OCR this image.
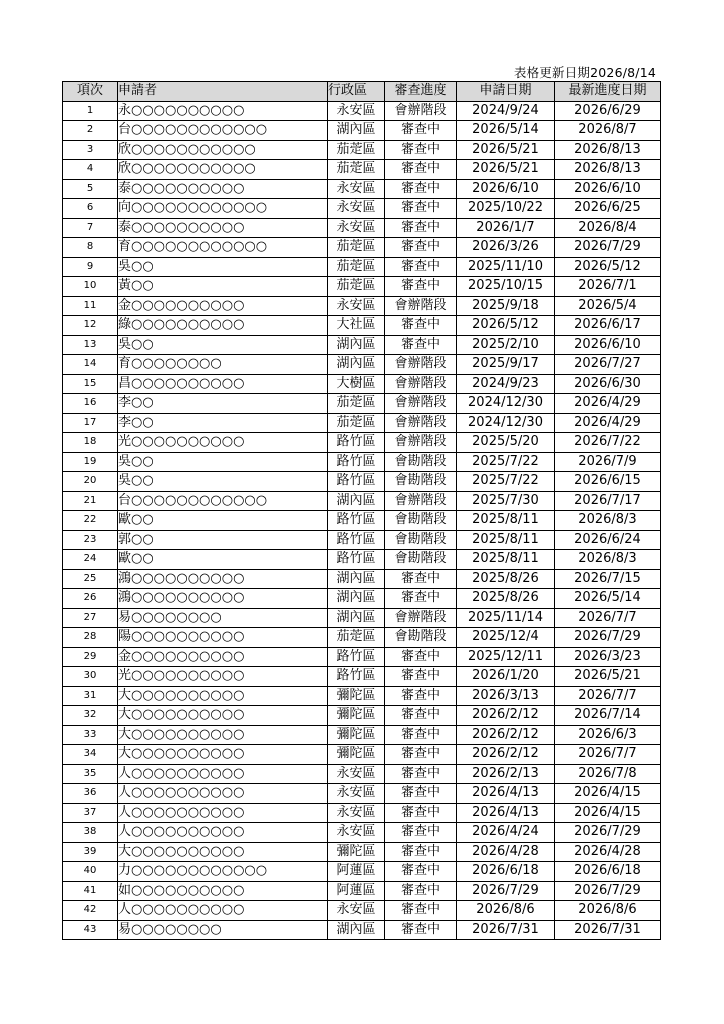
表格更新日期2026/8/14
項次	申請者	行政區	審查進度	申請日期	最新進度日期
1	永○○○○○○○○○○	永安區	會辦階段	2024/9/24	2026/6/29
2	台○○○○○○○○○○○○	湖內區	審查中	2026/5/14	2026/8/7
3	欣○○○○○○○○○○○	茄萣區	審查中	2026/5/21	2026/8/13
4	欣○○○○○○○○○○○	茄萣區	審查中	2026/5/21	2026/8/13
5	泰○○○○○○○○○○	永安區	審查中	2026/6/10	2026/6/10
6	向○○○○○○○○○○○○	永安區	審查中	2025/10/22	2026/6/25
7	泰○○○○○○○○○○	永安區	審查中	2026/1/7	2026/8/4
8	育○○○○○○○○○○○○	茄萣區	審查中	2026/3/26	2026/7/29
9	吳○○	茄萣區	審查中	2025/11/10	2026/5/12
10	黃○○	茄萣區	審查中	2025/10/15	2026/7/1
11	金○○○○○○○○○○	永安區	會辦階段	2025/9/18	2026/5/4
12	綠○○○○○○○○○○	大社區	審查中	2026/5/12	2026/6/17
13	吳○○	湖內區	審查中	2025/2/10	2026/6/10
14	育○○○○○○○○	湖內區	會辦階段	2025/9/17	2026/7/27
15	昌○○○○○○○○○○	大樹區	會辦階段	2024/9/23	2026/6/30
16	李○○	茄萣區	會辦階段	2024/12/30	2026/4/29
17	李○○	茄萣區	會辦階段	2024/12/30	2026/4/29
18	光○○○○○○○○○○	路竹區	會辦階段	2025/5/20	2026/7/22
19	吳○○	路竹區	會勘階段	2025/7/22	2026/7/9
20	吳○○	路竹區	會勘階段	2025/7/22	2026/6/15
21	台○○○○○○○○○○○○	湖內區	會辦階段	2025/7/30	2026/7/17
22	歐○○	路竹區	會勘階段	2025/8/11	2026/8/3
23	郭○○	路竹區	會勘階段	2025/8/11	2026/6/24
24	歐○○	路竹區	會勘階段	2025/8/11	2026/8/3
25	鴻○○○○○○○○○○	湖內區	審查中	2025/8/26	2026/7/15
26	鴻○○○○○○○○○○	湖內區	審查中	2025/8/26	2026/5/14
27	易○○○○○○○○	湖內區	會辦階段	2025/11/14	2026/7/7
28	陽○○○○○○○○○○	茄萣區	會勘階段	2025/12/4	2026/7/29
29	金○○○○○○○○○○	路竹區	審查中	2025/12/11	2026/3/23
30	光○○○○○○○○○○	路竹區	審查中	2026/1/20	2026/5/21
31	大○○○○○○○○○○	彌陀區	審查中	2026/3/13	2026/7/7
32	大○○○○○○○○○○	彌陀區	審查中	2026/2/12	2026/7/14
33	大○○○○○○○○○○	彌陀區	審查中	2026/2/12	2026/6/3
34	大○○○○○○○○○○	彌陀區	審查中	2026/2/12	2026/7/7
35	人○○○○○○○○○○	永安區	審查中	2026/2/13	2026/7/8
36	人○○○○○○○○○○	永安區	審查中	2026/4/13	2026/4/15
37	人○○○○○○○○○○	永安區	審查中	2026/4/13	2026/4/15
38	人○○○○○○○○○○	永安區	審查中	2026/4/24	2026/7/29
39	大○○○○○○○○○○	彌陀區	審查中	2026/4/28	2026/4/28
40	力○○○○○○○○○○○○	阿蓮區	審查中	2026/6/18	2026/6/18
41	如○○○○○○○○○○	阿蓮區	審查中	2026/7/29	2026/7/29
42	人○○○○○○○○○○	永安區	審查中	2026/8/6	2026/8/6
43	易○○○○○○○○	湖內區	審查中	2026/7/31	2026/7/31
